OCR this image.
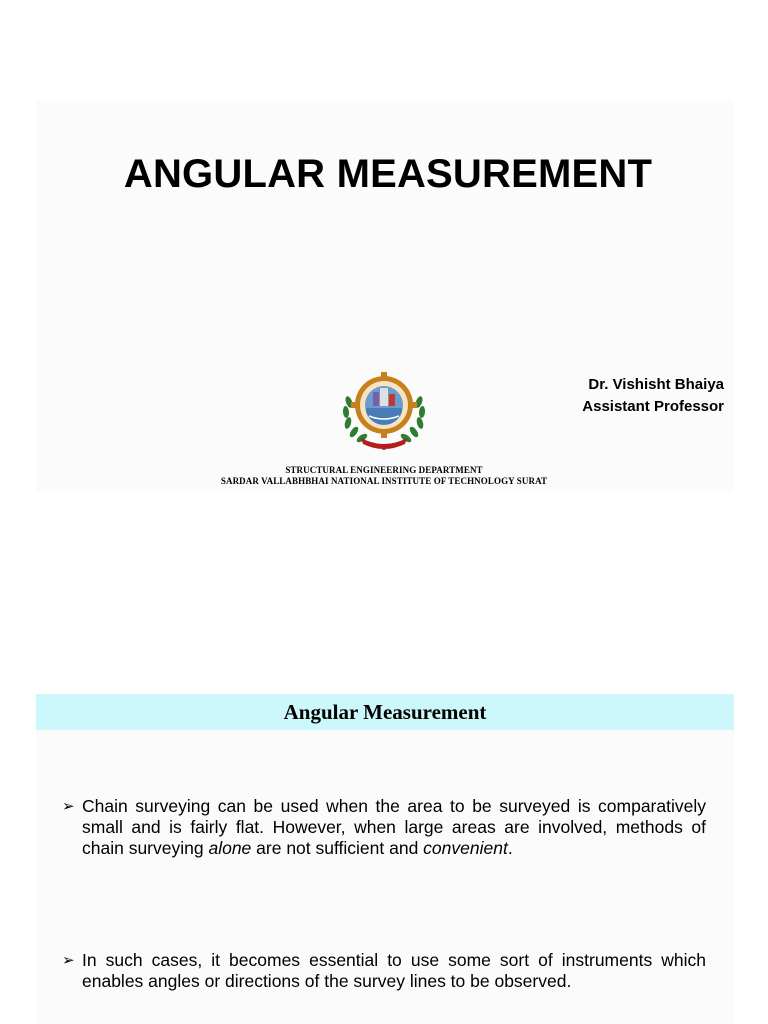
ANGULAR MEASUREMENT
Dr. Vishisht Bhaiya
Assistant Professor
STRUCTURAL ENGINEERING DEPARTMENT
SARDAR VALLABHBHAI NATIONAL INSTITUTE OF TECHNOLOGY SURAT
Angular Measurement
➢ Chain surveying can be used when the area to be surveyed is comparatively small and is fairly flat. However, when large areas are involved, methods of chain surveying alone are not sufficient and convenient.
➢ In such cases, it becomes essential to use some sort of instruments which enables angles or directions of the survey lines to be observed.
